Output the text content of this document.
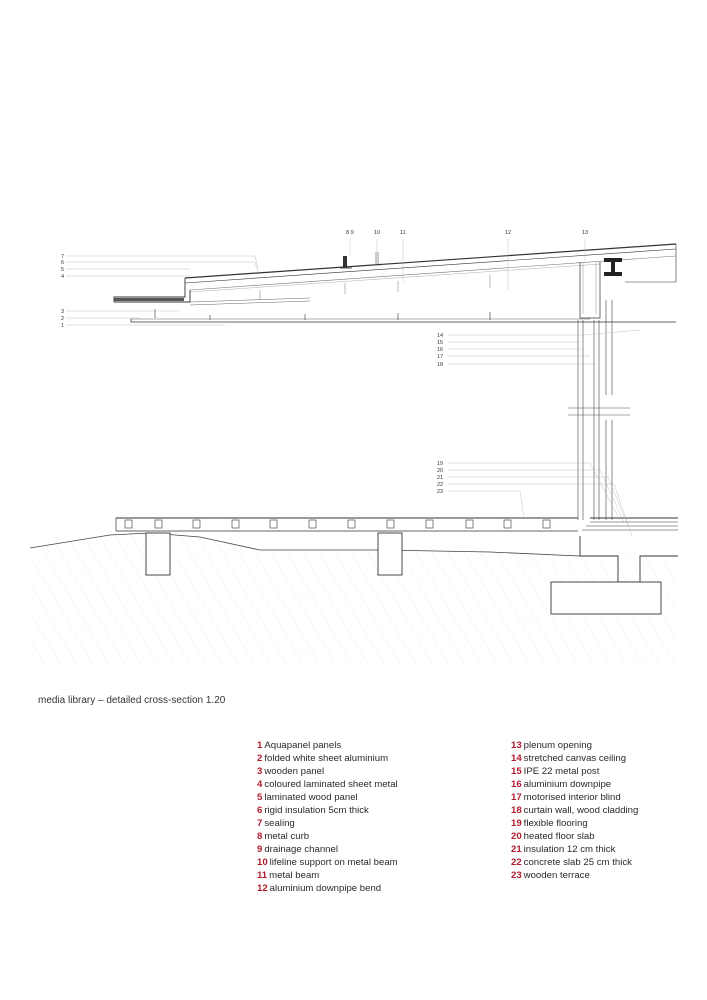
8 9	10	11	12	13
7
6
5
4
3
2
1
14
15
16
17
18
19
20
21
22
23
media library – detailed cross-section 1.20
1 Aquapanel panels
2 folded white sheet aluminium
3 wooden panel
4 coloured laminated sheet metal
5 laminated wood panel
6 rigid insulation 5cm thick
7 sealing
8 metal curb
9 drainage channel
10 lifeline support on metal beam
11 metal beam
12 aluminium downpipe bend
13 plenum opening
14 stretched canvas ceiling
15 IPE 22 metal post
16 aluminium downpipe
17 motorised interior blind
18 curtain wall, wood cladding
19 flexible flooring
20 heated floor slab
21 insulation 12 cm thick
22 concrete slab 25 cm thick
23 wooden terrace
